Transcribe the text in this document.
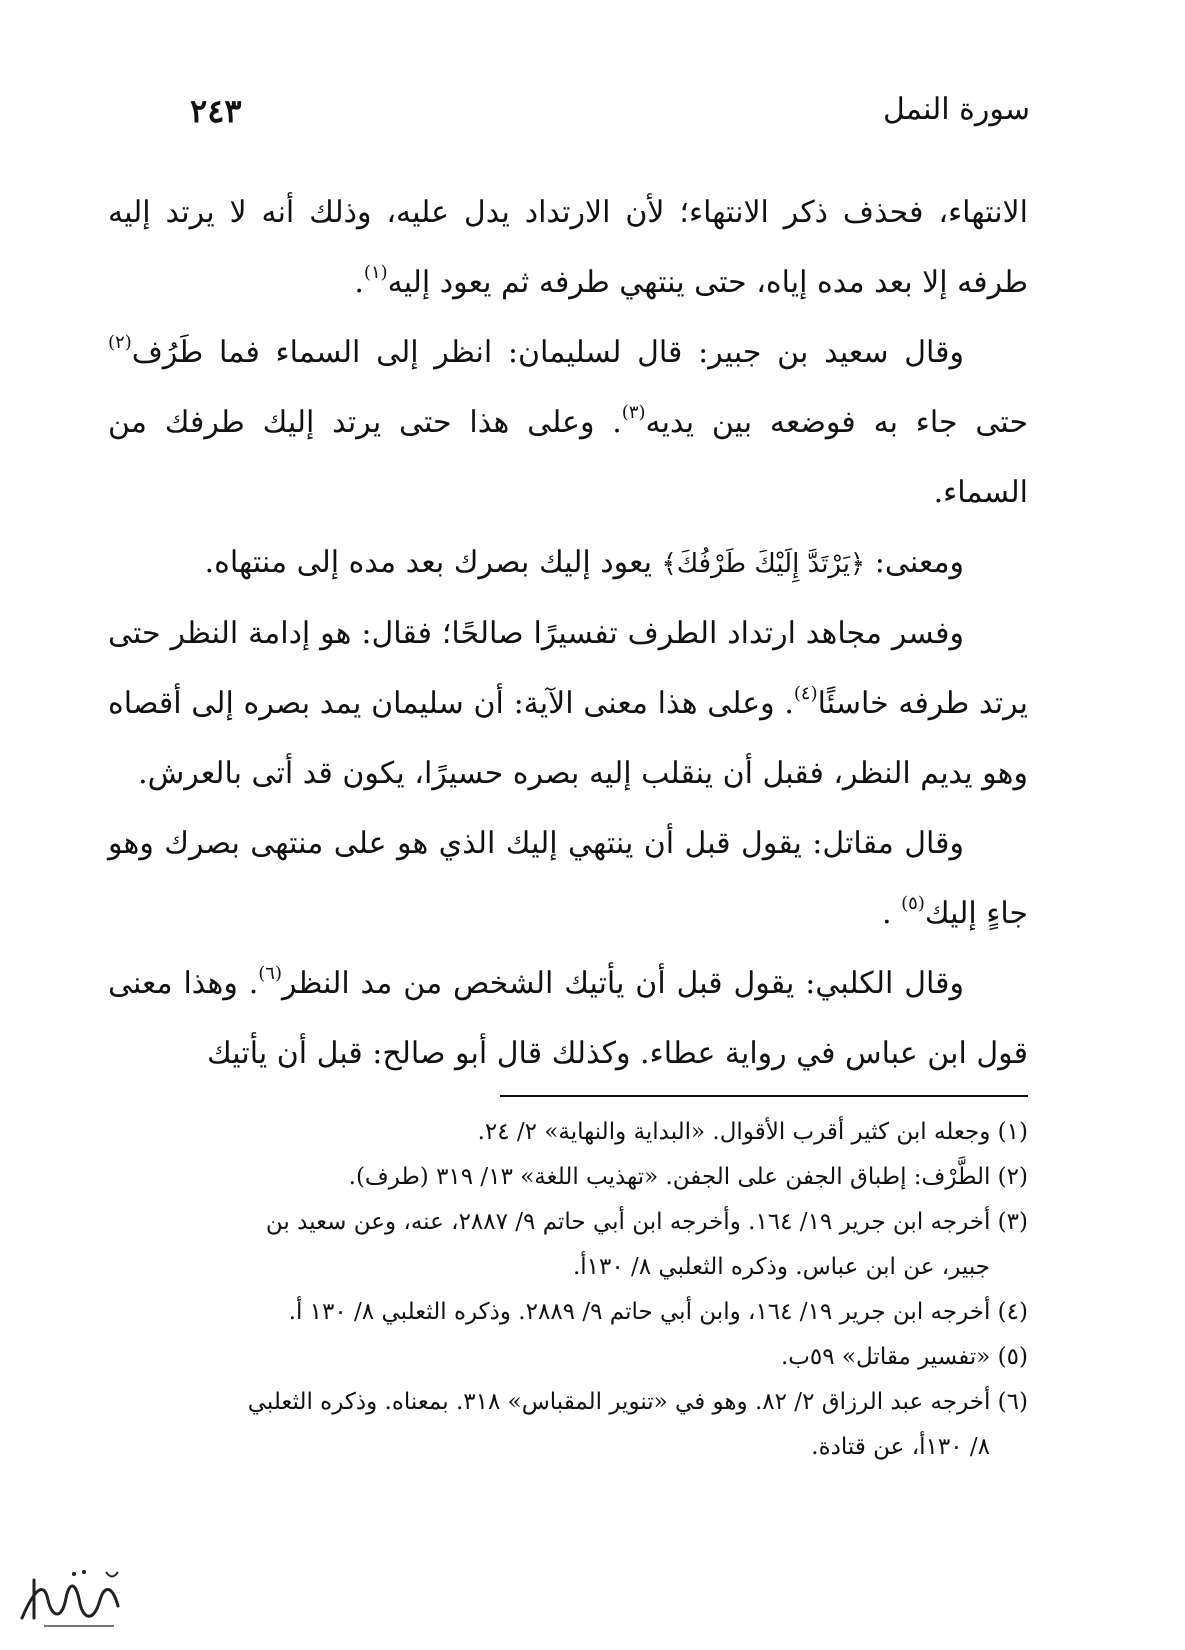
سورة النمل
٢٤٣

الانتهاء، فحذف ذكر الانتهاء؛ لأن الارتداد يدل عليه، وذلك أنه لا يرتد إليه طرفه إلا بعد مده إياه، حتى ينتهي طرفه ثم يعود إليه$^{(١)}$.

وقال سعيد بن جبير: قال لسليمان: انظر إلى السماء فما طَرُف$^{(٢)}$ حتى جاء به فوضعه بين يديه$^{(٣)}$. وعلى هذا حتى يرتد إليك طرفك من السماء.

ومعنى: ﴿يَرْتَدَّ إِلَيْكَ طَرْفُكَ﴾ يعود إليك بصرك بعد مده إلى منتهاه.

وفسر مجاهد ارتداد الطرف تفسيرًا صالحًا؛ فقال: هو إدامة النظر حتى يرتد طرفه خاسئًا$^{(٤)}$. وعلى هذا معنى الآية: أن سليمان يمد بصره إلى أقصاه وهو يديم النظر، فقبل أن ينقلب إليه بصره حسيرًا، يكون قد أتى بالعرش.

وقال مقاتل: يقول قبل أن ينتهي إليك الذي هو على منتهى بصرك وهو جاءٍ إليك$^{(٥)}$ .

وقال الكلبي: يقول قبل أن يأتيك الشخص من مد النظر$^{(٦)}$. وهذا معنى قول ابن عباس في رواية عطاء. وكذلك قال أبو صالح: قبل أن يأتيك

(١) وجعله ابن كثير أقرب الأقوال. «البداية والنهاية» ٢/ ٢٤.

(٢) الطَّرْف: إطباق الجفن على الجفن. «تهذيب اللغة» ١٣/ ٣١٩ (طرف).

(٣) أخرجه ابن جرير ١٩/ ١٦٤. وأخرجه ابن أبي حاتم ٩/ ٢٨٨٧، عنه، وعن سعيد بن
جبير، عن ابن عباس. وذكره الثعلبي ٨/ ١٣٠أ.

(٤) أخرجه ابن جرير ١٩/ ١٦٤، وابن أبي حاتم ٩/ ٢٨٨٩. وذكره الثعلبي ٨/ ١٣٠ أ.

(٥) «تفسير مقاتل» ٥٩ب.

(٦) أخرجه عبد الرزاق ٢/ ٨٢. وهو في «تنوير المقباس» ٣١٨. بمعناه. وذكره الثعلبي
٨/ ١٣٠أ، عن قتادة.
